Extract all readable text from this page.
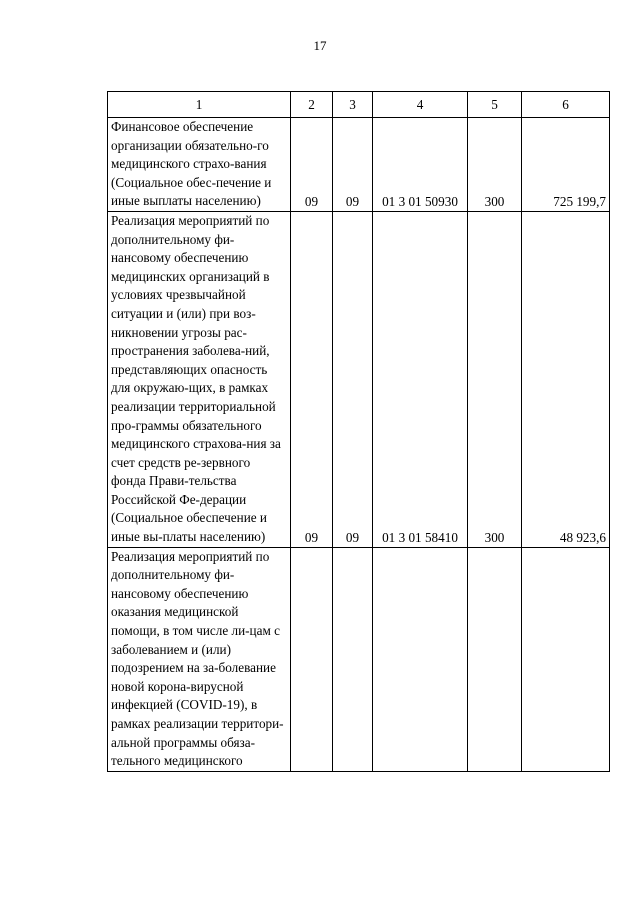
17
1	2	3	4	5	6
Финансовое обеспечение организации обязательно-го медицинского страхо-вания (Социальное обес-печение и иные выплаты населению)	09	09	01 3 01 50930	300	725 199,7
Реализация мероприятий по дополнительному фи-нансовому обеспечению медицинских организаций в условиях чрезвычайной ситуации и (или) при воз-никновении угрозы рас-пространения заболева-ний, представляющих опасность для окружаю-щих, в рамках реализации территориальной про-граммы обязательного медицинского страхова-ния за счет средств ре-зервного фонда Прави-тельства Российской Фе-дерации (Социальное обеспечение и иные вы-платы населению)	09	09	01 3 01 58410	300	48 923,6
Реализация мероприятий по дополнительному фи-нансовому обеспечению оказания медицинской помощи, в том числе ли-цам с заболеванием и (или) подозрением на за-болевание новой корона-вирусной инфекцией (COVID-19), в рамках реализации территори-альной программы обяза-тельного медицинского					
